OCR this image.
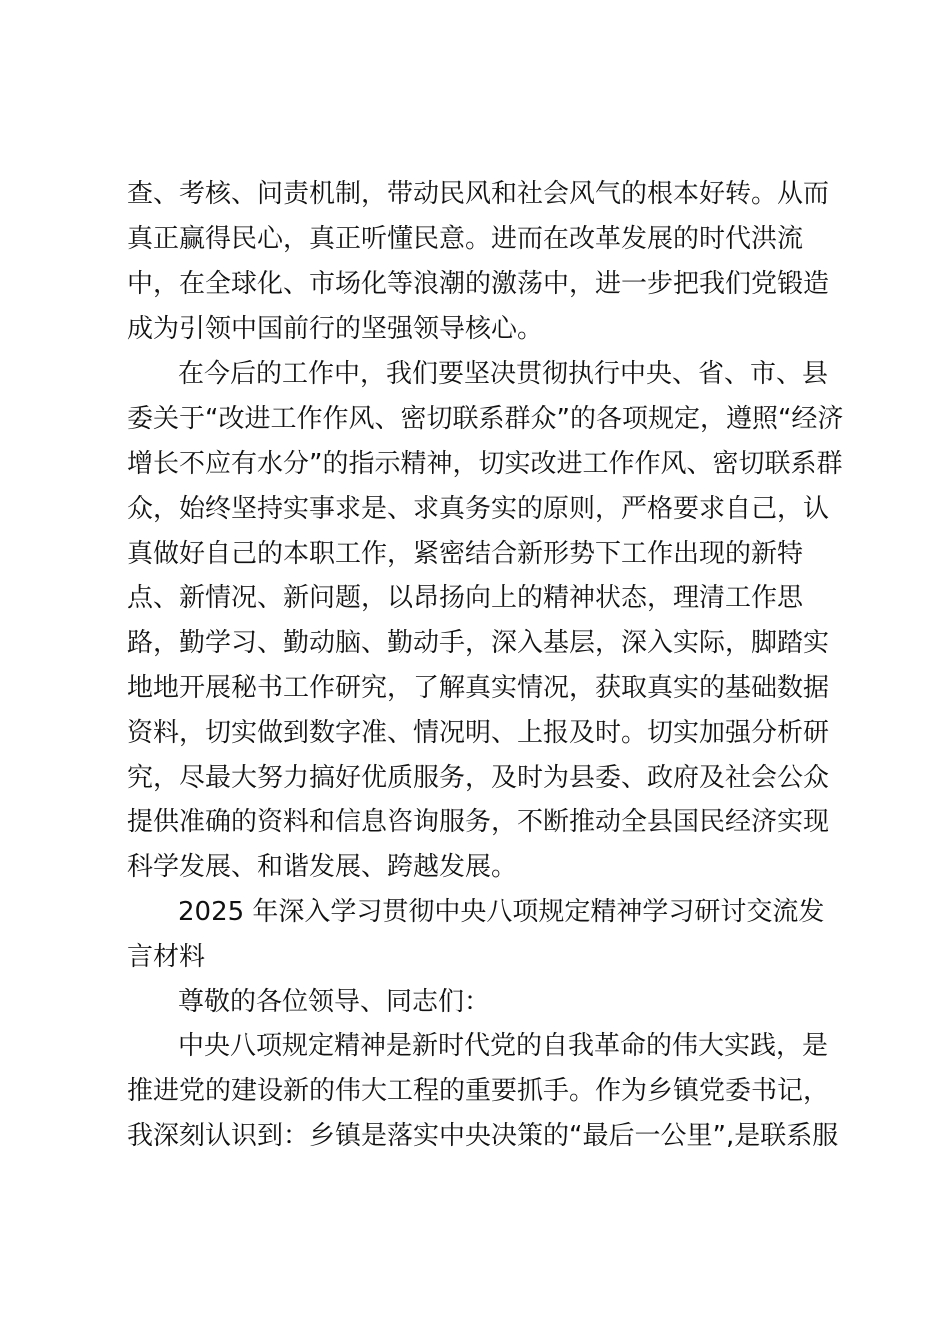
查、考核、问责机制，带动民风和社会风气的根本好转。从而

真正赢得民心，真正听懂民意。进而在改革发展的时代洪流

中，在全球化、市场化等浪潮的激荡中，进一步把我们党锻造

成为引领中国前行的坚强领导核心。

在今后的工作中，我们要坚决贯彻执行中央、省、市、县

委关于“改进工作作风、密切联系群众”的各项规定，遵照“经济

增长不应有水分”的指示精神，切实改进工作作风、密切联系群

众，始终坚持实事求是、求真务实的原则，严格要求自己，认

真做好自己的本职工作，紧密结合新形势下工作出现的新特

点、新情况、新问题，以昂扬向上的精神状态，理清工作思

路，勤学习、勤动脑、勤动手，深入基层，深入实际，脚踏实

地地开展秘书工作研究，了解真实情况，获取真实的基础数据

资料，切实做到数字准、情况明、上报及时。切实加强分析研

究，尽最大努力搞好优质服务，及时为县委、政府及社会公众

提供准确的资料和信息咨询服务，不断推动全县国民经济实现

科学发展、和谐发展、跨越发展。

2025 年深入学习贯彻中央八项规定精神学习研讨交流发

言材料

尊敬的各位领导、同志们：

中央八项规定精神是新时代党的自我革命的伟大实践，是

推进党的建设新的伟大工程的重要抓手。作为乡镇党委书记，

我深刻认识到：乡镇是落实中央决策的“最后一公里”,是联系服
